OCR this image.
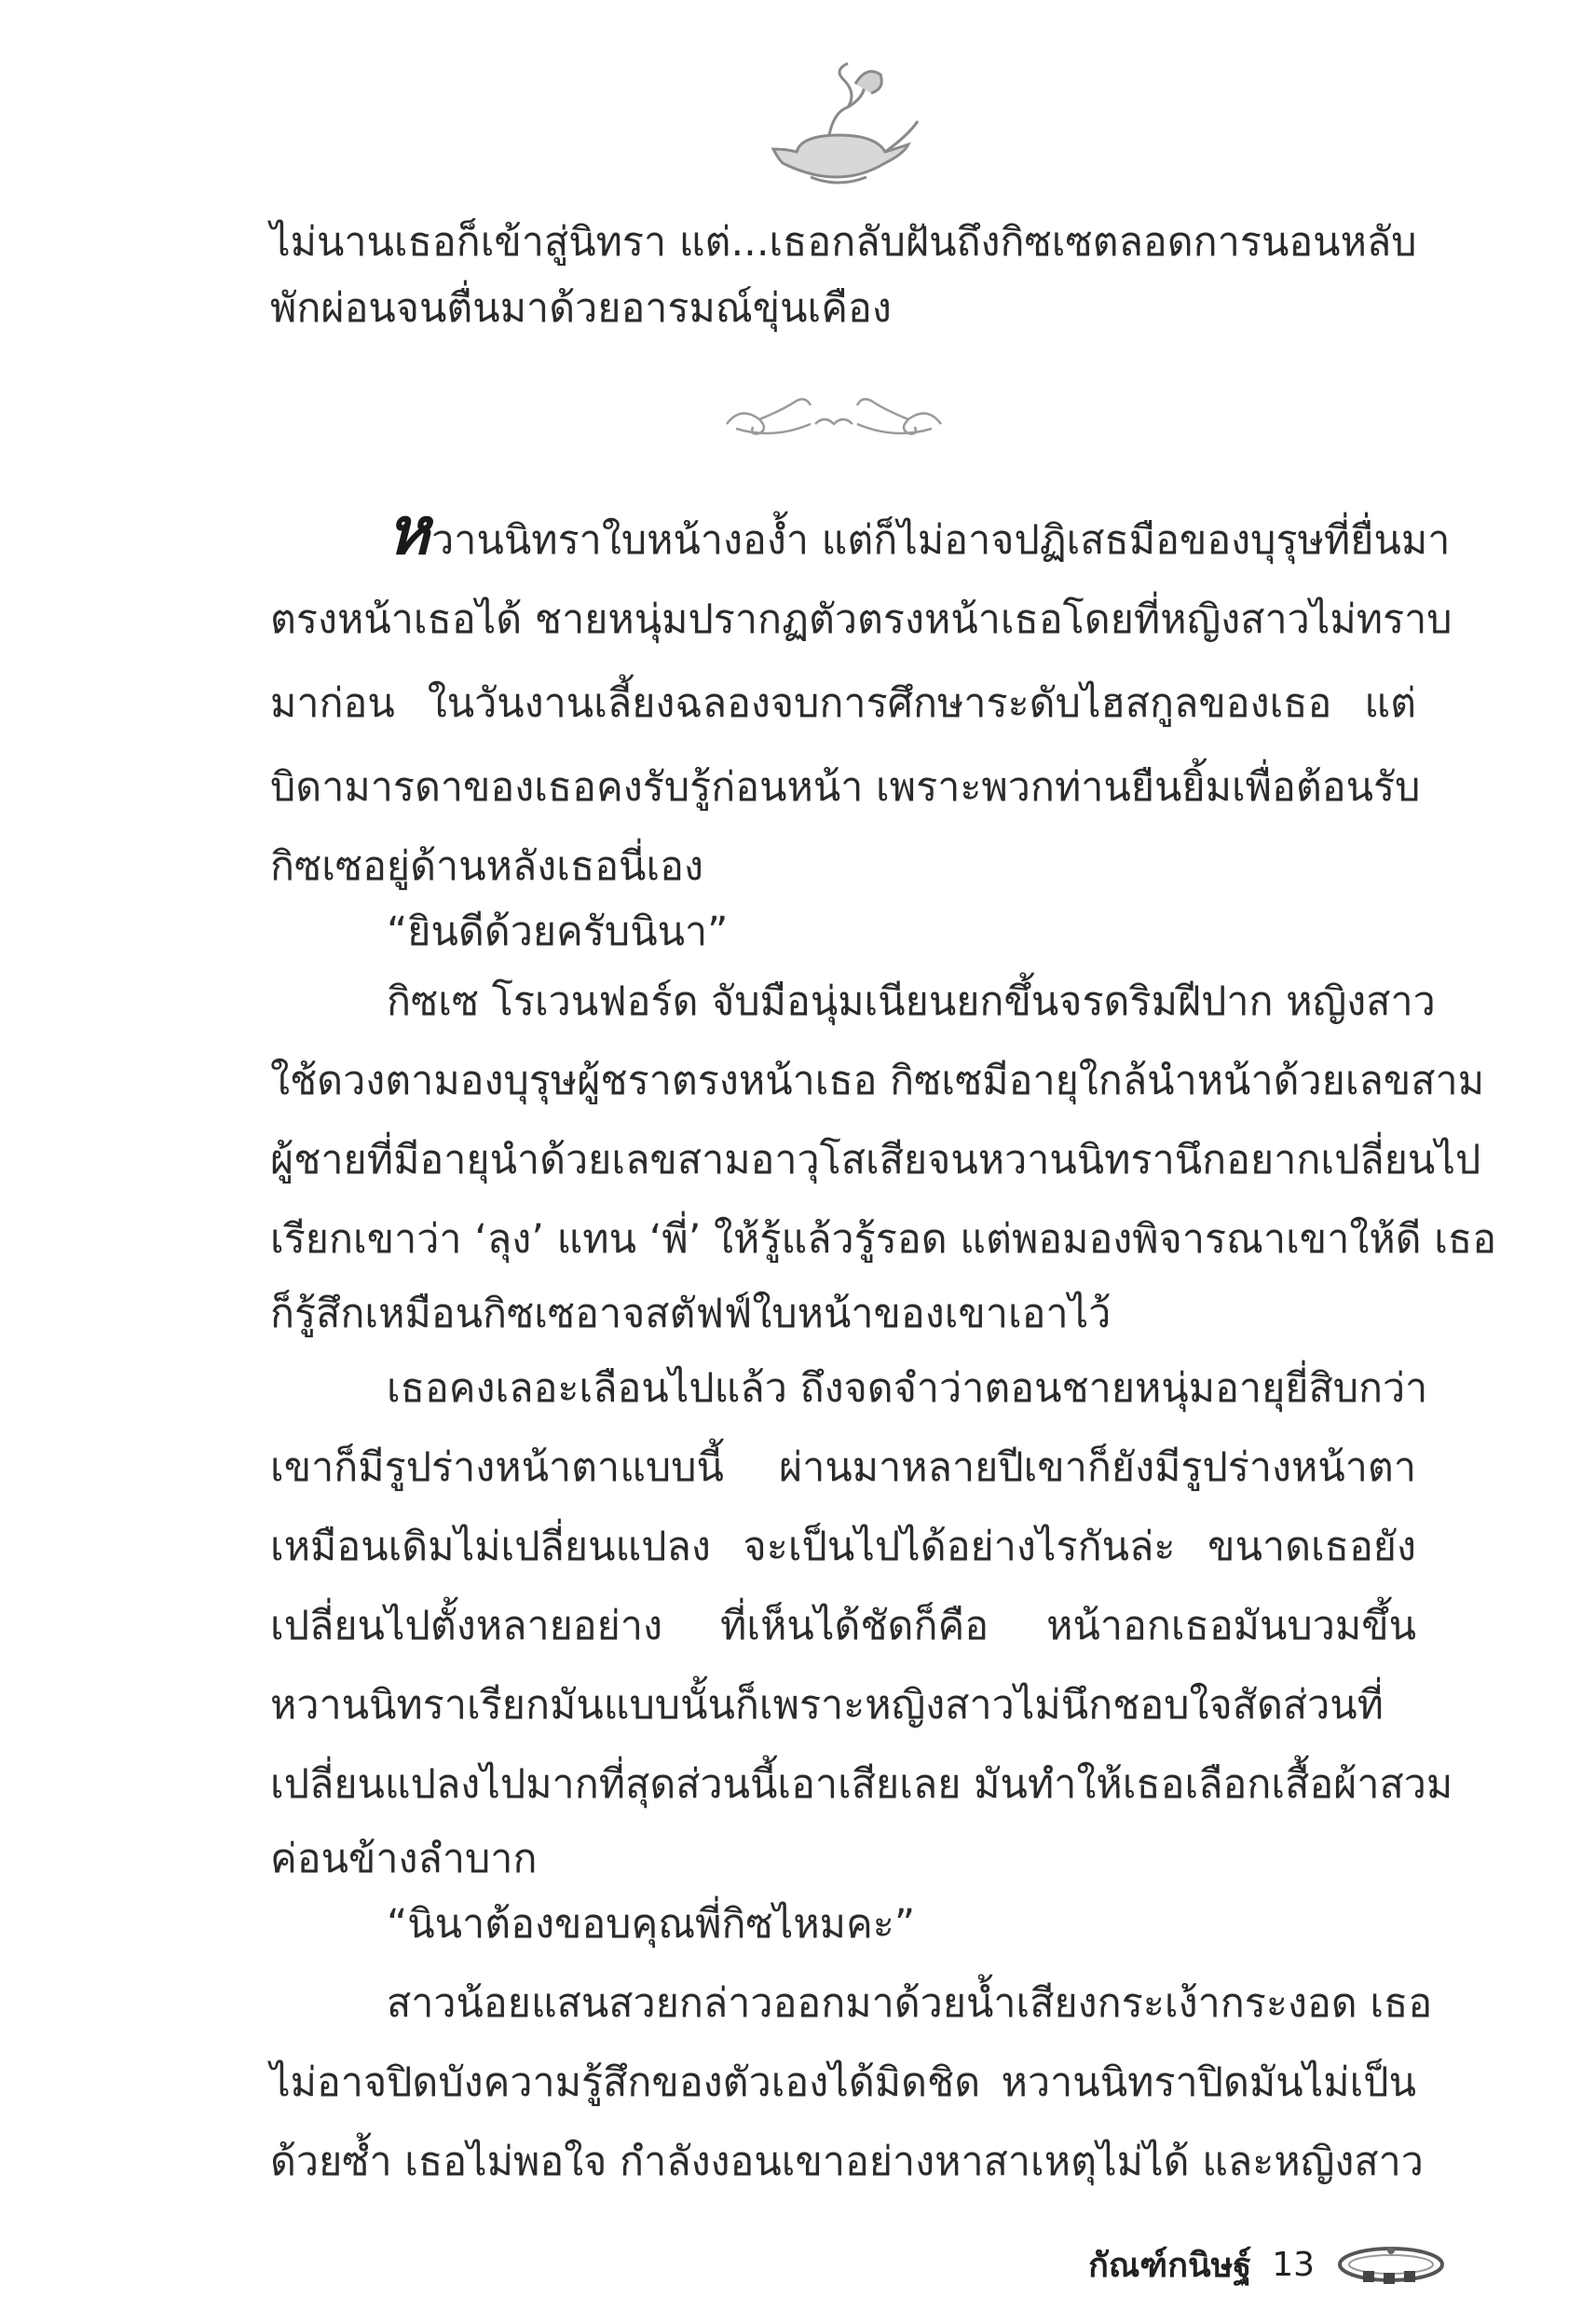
ไม่นานเธอก็เข้าสู่นิทรา แต่...เธอกลับฝันถึงกิซเซตลอดการนอนหลับ
พักผ่อนจนตื่นมาด้วยอารมณ์ขุ่นเคือง
หวานนิทราใบหน้างอง้ำ แต่ก็ไม่อาจปฏิเสธมือของบุรุษที่ยื่นมา
ตรงหน้าเธอได้ ชายหนุ่มปรากฏตัวตรงหน้าเธอโดยที่หญิงสาวไม่ทราบ
มาก่อน ในวันงานเลี้ยงฉลองจบการศึกษาระดับไฮสกูลของเธอ แต่
บิดามารดาของเธอคงรับรู้ก่อนหน้า เพราะพวกท่านยืนยิ้มเพื่อต้อนรับ
กิซเซอยู่ด้านหลังเธอนี่เอง
“ยินดีด้วยครับนินา”
กิซเซ โรเวนฟอร์ด จับมือนุ่มเนียนยกขึ้นจรดริมฝีปาก หญิงสาว
ใช้ดวงตามองบุรุษผู้ชราตรงหน้าเธอ กิซเซมีอายุใกล้นำหน้าด้วยเลขสาม
ผู้ชายที่มีอายุนำด้วยเลขสามอาวุโสเสียจนหวานนิทรานึกอยากเปลี่ยนไป
เรียกเขาว่า ‘ลุง’ แทน ‘พี่’ ให้รู้แล้วรู้รอด แต่พอมองพิจารณาเขาให้ดี เธอ
ก็รู้สึกเหมือนกิซเซอาจสตัฟฟ์ใบหน้าของเขาเอาไว้
เธอคงเลอะเลือนไปแล้ว ถึงจดจำว่าตอนชายหนุ่มอายุยี่สิบกว่า
เขาก็มีรูปร่างหน้าตาแบบนี้ ผ่านมาหลายปีเขาก็ยังมีรูปร่างหน้าตา
เหมือนเดิมไม่เปลี่ยนแปลง จะเป็นไปได้อย่างไรกันล่ะ ขนาดเธอยัง
เปลี่ยนไปตั้งหลายอย่าง ที่เห็นได้ชัดก็คือ หน้าอกเธอมันบวมขึ้น
หวานนิทราเรียกมันแบบนั้นก็เพราะหญิงสาวไม่นึกชอบใจสัดส่วนที่
เปลี่ยนแปลงไปมากที่สุดส่วนนี้เอาเสียเลย มันทำให้เธอเลือกเสื้อผ้าสวม
ค่อนข้างลำบาก
“นินาต้องขอบคุณพี่กิซไหมคะ”
สาวน้อยแสนสวยกล่าวออกมาด้วยน้ำเสียงกระเง้ากระงอด เธอ
ไม่อาจปิดบังความรู้สึกของตัวเองได้มิดชิด หวานนิทราปิดมันไม่เป็น
ด้วยซ้ำ เธอไม่พอใจ กำลังงอนเขาอย่างหาสาเหตุไม่ได้ และหญิงสาว
กัณฑ์กนิษฐ์ 13
